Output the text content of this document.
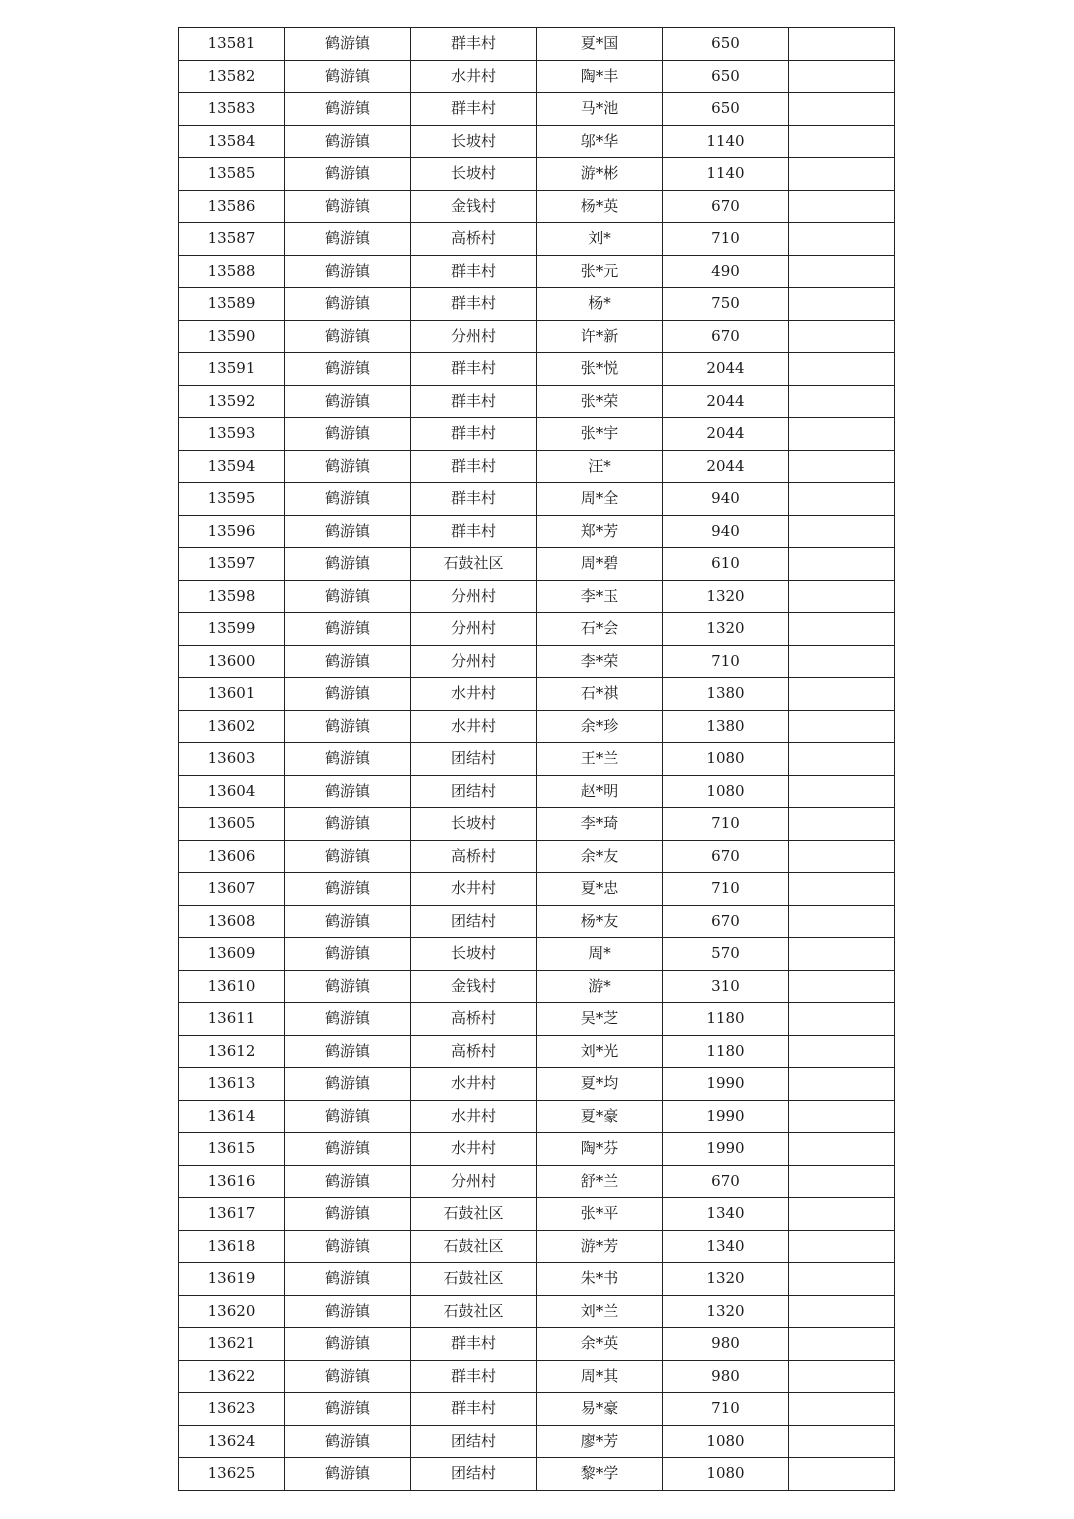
13581	鹤游镇	群丰村	夏*国	650	
13582	鹤游镇	水井村	陶*丰	650	
13583	鹤游镇	群丰村	马*池	650	
13584	鹤游镇	长坡村	邬*华	1140	
13585	鹤游镇	长坡村	游*彬	1140	
13586	鹤游镇	金钱村	杨*英	670	
13587	鹤游镇	高桥村	刘*	710	
13588	鹤游镇	群丰村	张*元	490	
13589	鹤游镇	群丰村	杨*	750	
13590	鹤游镇	分州村	许*新	670	
13591	鹤游镇	群丰村	张*悦	2044	
13592	鹤游镇	群丰村	张*荣	2044	
13593	鹤游镇	群丰村	张*宇	2044	
13594	鹤游镇	群丰村	汪*	2044	
13595	鹤游镇	群丰村	周*全	940	
13596	鹤游镇	群丰村	郑*芳	940	
13597	鹤游镇	石鼓社区	周*碧	610	
13598	鹤游镇	分州村	李*玉	1320	
13599	鹤游镇	分州村	石*会	1320	
13600	鹤游镇	分州村	李*荣	710	
13601	鹤游镇	水井村	石*祺	1380	
13602	鹤游镇	水井村	余*珍	1380	
13603	鹤游镇	团结村	王*兰	1080	
13604	鹤游镇	团结村	赵*明	1080	
13605	鹤游镇	长坡村	李*琦	710	
13606	鹤游镇	高桥村	余*友	670	
13607	鹤游镇	水井村	夏*忠	710	
13608	鹤游镇	团结村	杨*友	670	
13609	鹤游镇	长坡村	周*	570	
13610	鹤游镇	金钱村	游*	310	
13611	鹤游镇	高桥村	吴*芝	1180	
13612	鹤游镇	高桥村	刘*光	1180	
13613	鹤游镇	水井村	夏*均	1990	
13614	鹤游镇	水井村	夏*豪	1990	
13615	鹤游镇	水井村	陶*芬	1990	
13616	鹤游镇	分州村	舒*兰	670	
13617	鹤游镇	石鼓社区	张*平	1340	
13618	鹤游镇	石鼓社区	游*芳	1340	
13619	鹤游镇	石鼓社区	朱*书	1320	
13620	鹤游镇	石鼓社区	刘*兰	1320	
13621	鹤游镇	群丰村	余*英	980	
13622	鹤游镇	群丰村	周*其	980	
13623	鹤游镇	群丰村	易*豪	710	
13624	鹤游镇	团结村	廖*芳	1080	
13625	鹤游镇	团结村	黎*学	1080	
